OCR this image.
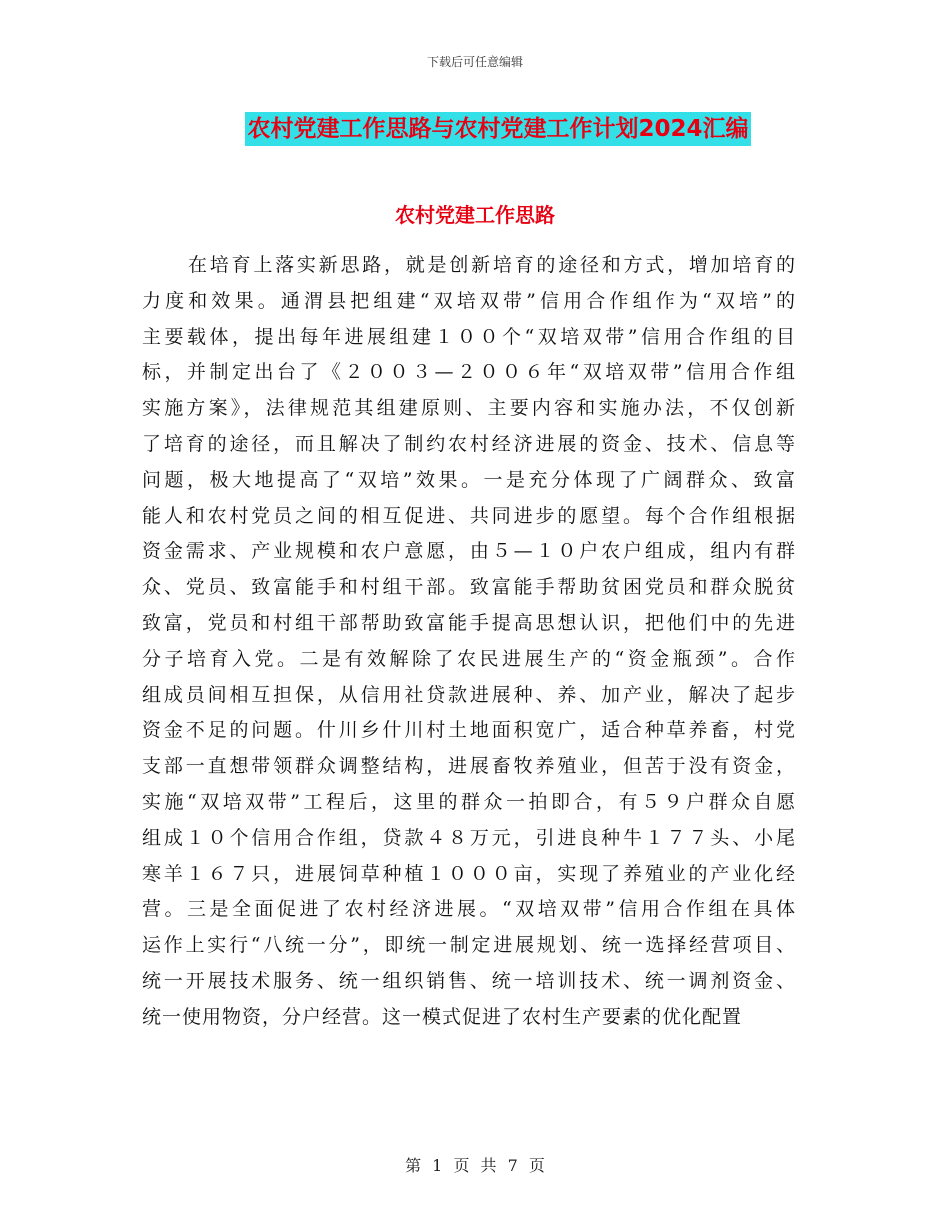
下载后可任意编辑
农村党建工作思路与农村党建工作计划2024汇编
农村党建工作思路
在培育上落实新思路，就是创新培育的途径和方式，增加培育的
力度和效果。通渭县把组建“双培双带”信用合作组作为“双培”的
主要载体，提出每年进展组建１００个“双培双带”信用合作组的目
标，并制定出台了《２００３—２００６年“双培双带”信用合作组
实施方案》，法律规范其组建原则、主要内容和实施办法，不仅创新
了培育的途径，而且解决了制约农村经济进展的资金、技术、信息等
问题，极大地提高了“双培”效果。一是充分体现了广阔群众、致富
能人和农村党员之间的相互促进、共同进步的愿望。每个合作组根据
资金需求、产业规模和农户意愿，由５—１０户农户组成，组内有群
众、党员、致富能手和村组干部。致富能手帮助贫困党员和群众脱贫
致富，党员和村组干部帮助致富能手提高思想认识，把他们中的先进
分子培育入党。二是有效解除了农民进展生产的“资金瓶颈”。合作
组成员间相互担保，从信用社贷款进展种、养、加产业，解决了起步
资金不足的问题。什川乡什川村土地面积宽广，适合种草养畜，村党
支部一直想带领群众调整结构，进展畜牧养殖业，但苦于没有资金，
实施“双培双带”工程后，这里的群众一拍即合，有５９户群众自愿
组成１０个信用合作组，贷款４８万元，引进良种牛１７７头、小尾
寒羊１６７只，进展饲草种植１０００亩，实现了养殖业的产业化经
营。三是全面促进了农村经济进展。“双培双带”信用合作组在具体
运作上实行“八统一分”，即统一制定进展规划、统一选择经营项目、
统一开展技术服务、统一组织销售、统一培训技术、统一调剂资金、
统一使用物资，分户经营。这一模式促进了农村生产要素的优化配置
第 1 页 共 7 页
